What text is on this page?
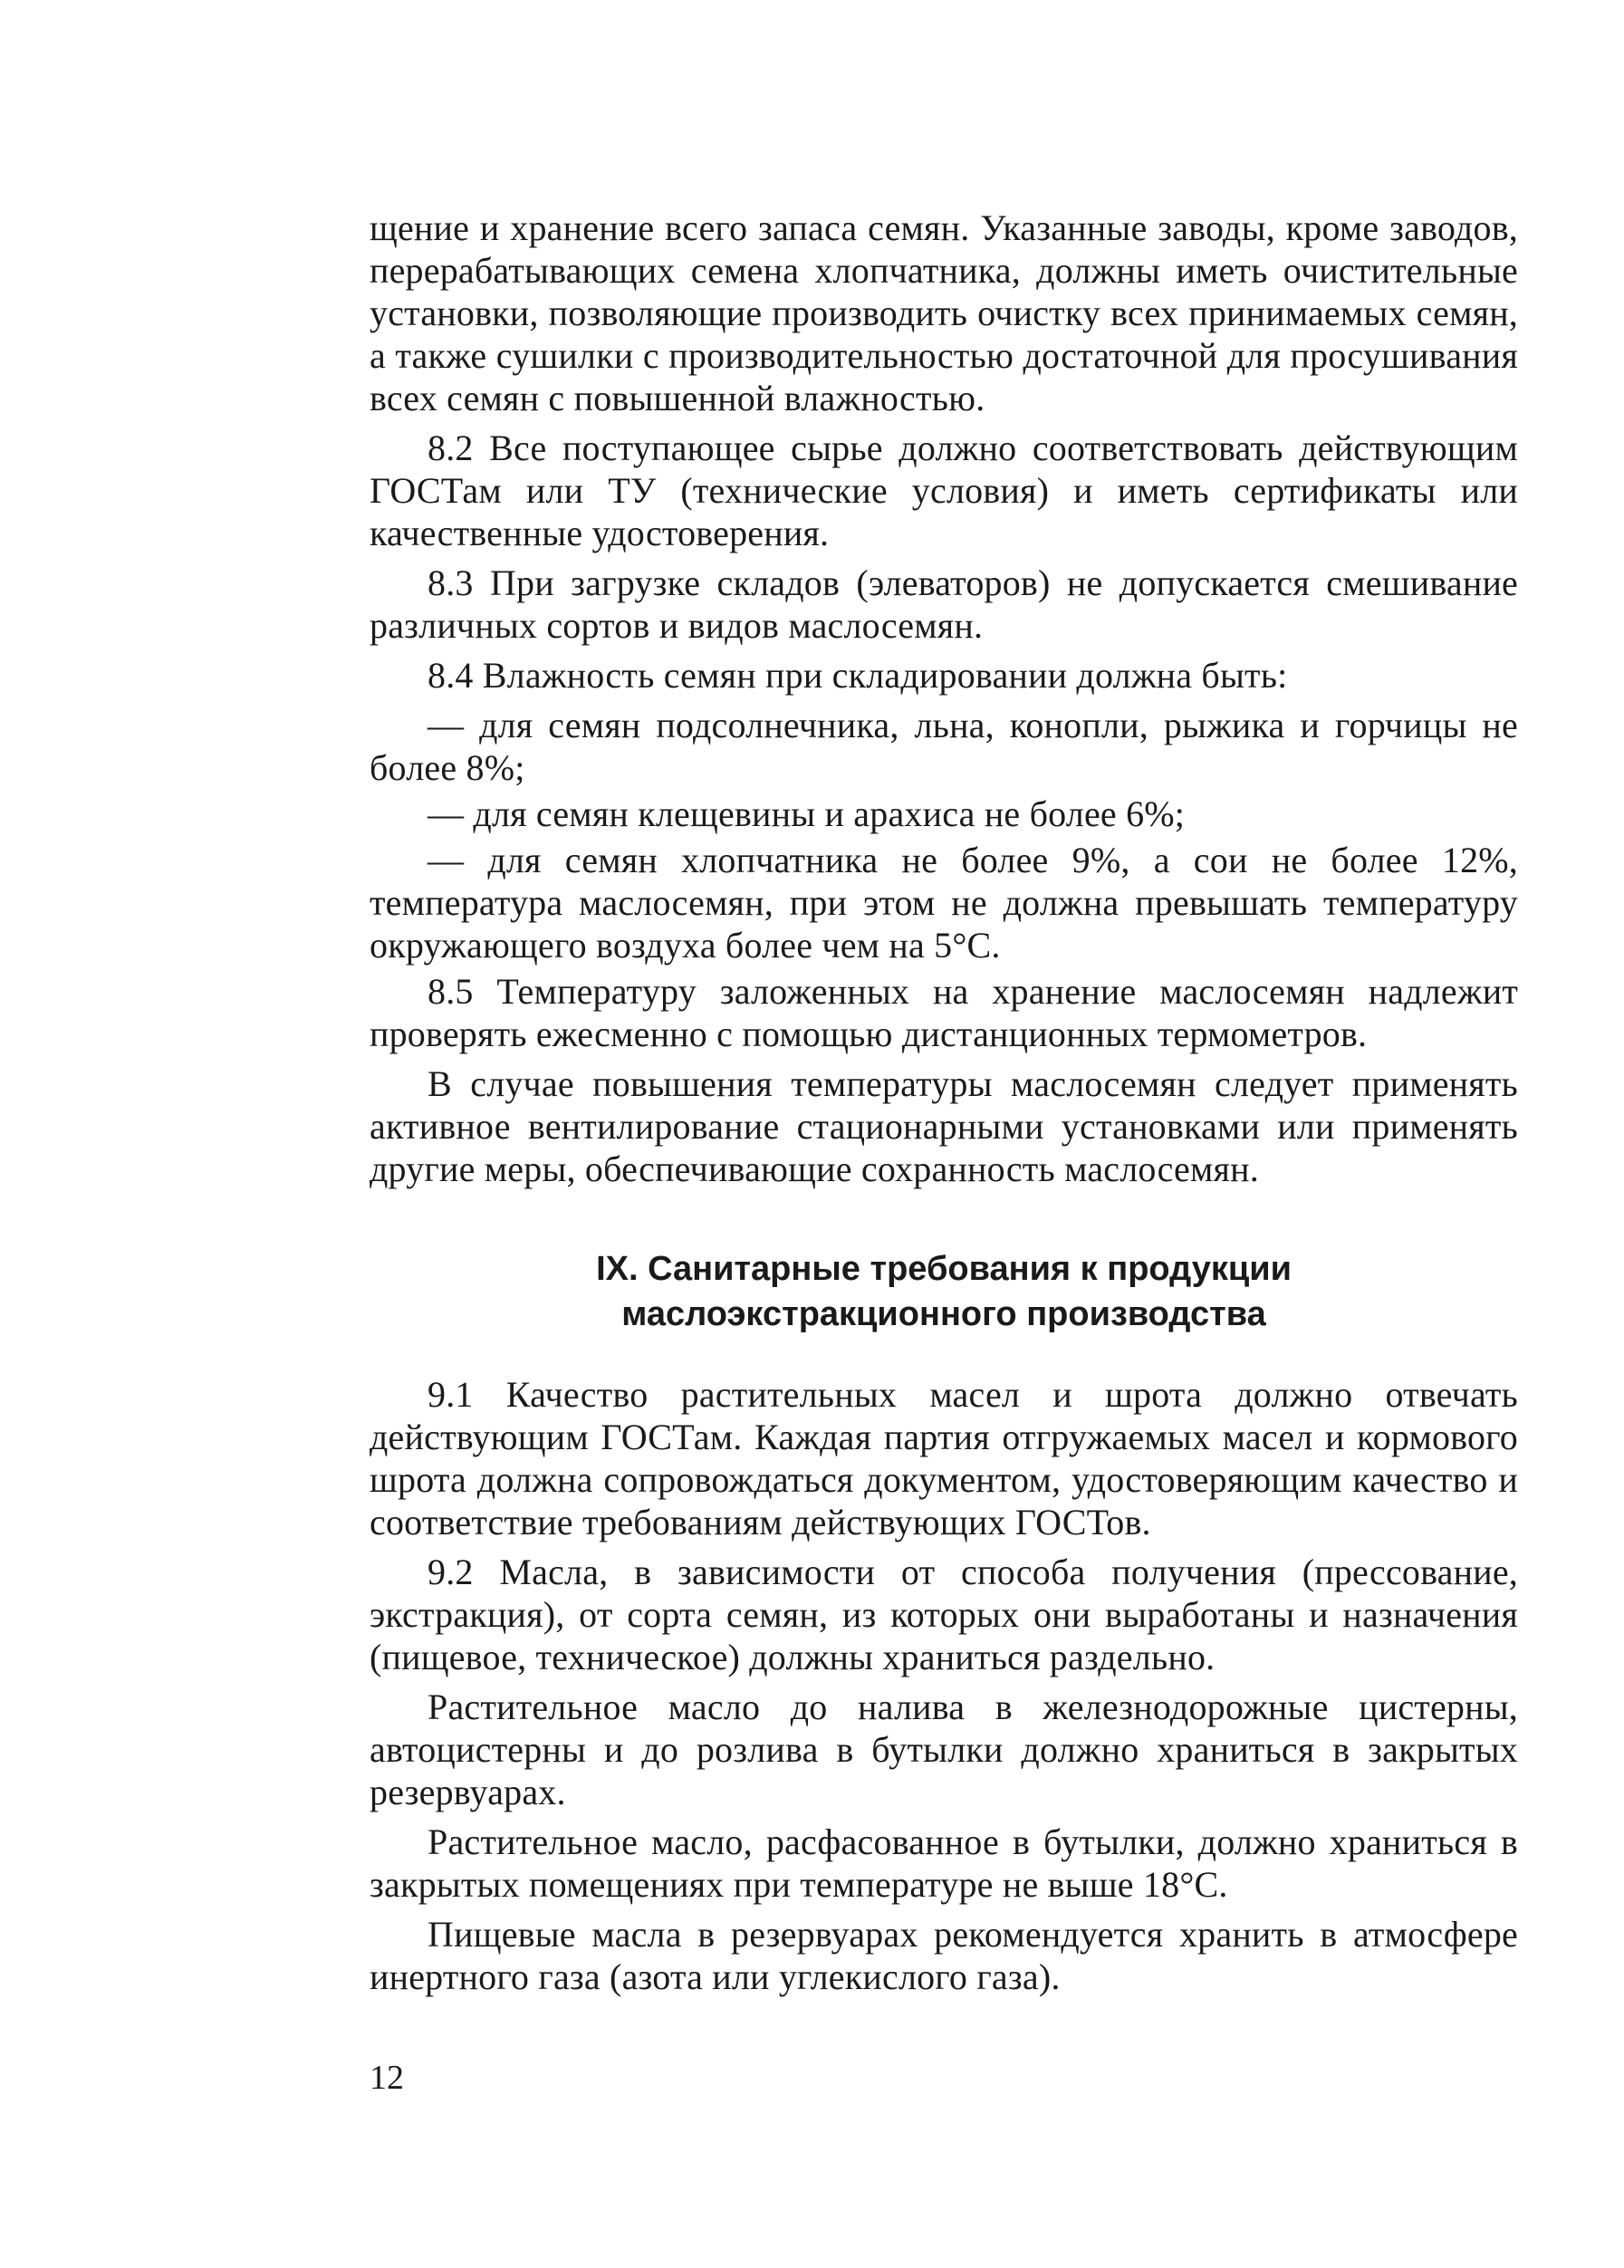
щение и хранение всего запаса семян. Указанные заводы, кроме заводов, перерабатывающих семена хлопчатника, должны иметь очистительные установки, позволяющие производить очистку всех принимаемых семян, а также сушилки с производительностью достаточной для просушивания всех семян с повышенной влажностью.

8.2 Все поступающее сырье должно соответствовать действующим ГОСТам или ТУ (технические условия) и иметь сертификаты или качественные удостоверения.

8.3 При загрузке складов (элеваторов) не допускается смешивание различных сортов и видов маслосемян.

8.4 Влажность семян при складировании должна быть:

— для семян подсолнечника, льна, конопли, рыжика и горчицы не более 8%;

— для семян клещевины и арахиса не более 6%;

— для семян хлопчатника не более 9%, а сои не более 12%, температура маслосемян, при этом не должна превышать температуру окружающего воздуха более чем на 5°С.

8.5 Температуру заложенных на хранение маслосемян надлежит проверять ежесменно с помощью дистанционных термометров.

В случае повышения температуры маслосемян следует применять активное вентилирование стационарными установками или применять другие меры, обеспечивающие сохранность маслосемян.

IX. Санитарные требования к продукции
маслоэкстракционного производства

9.1 Качество растительных масел и шрота должно отвечать действующим ГОСТам. Каждая партия отгружаемых масел и кормового шрота должна сопровождаться документом, удостоверяющим качество и соответствие требованиям действующих ГОСТов.

9.2 Масла, в зависимости от способа получения (прессование, экстракция), от сорта семян, из которых они выработаны и назначения (пищевое, техническое) должны храниться раздельно.

Растительное масло до налива в железнодорожные цистерны, автоцистерны и до розлива в бутылки должно храниться в закрытых резервуарах.

Растительное масло, расфасованное в бутылки, должно храниться в закрытых помещениях при температуре не выше 18°С.

Пищевые масла в резервуарах рекомендуется хранить в атмосфере инертного газа (азота или углекислого газа).

12
